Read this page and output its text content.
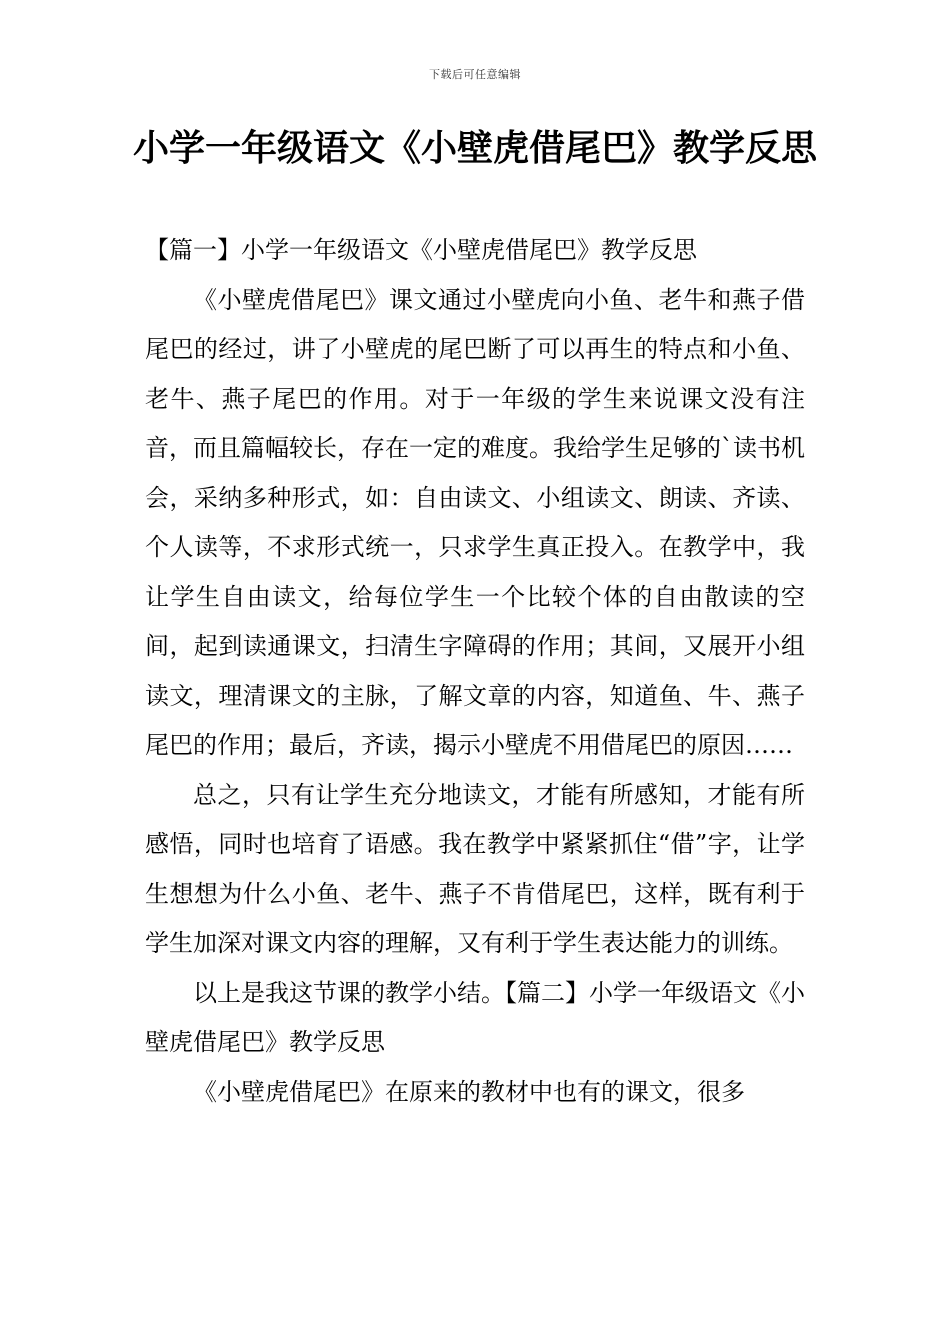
下载后可任意编辑
小学一年级语文《小壁虎借尾巴》教学反思

【篇一】小学一年级语文《小壁虎借尾巴》教学反思

《小壁虎借尾巴》课文通过小壁虎向小鱼、老牛和燕子借尾巴的经过，讲了小壁虎的尾巴断了可以再生的特点和小鱼、老牛、燕子尾巴的作用。对于一年级的学生来说课文没有注音，而且篇幅较长，存在一定的难度。我给学生足够的`读书机会，采纳多种形式，如：自由读文、小组读文、朗读、齐读、个人读等，不求形式统一，只求学生真正投入。在教学中，我让学生自由读文，给每位学生一个比较个体的自由散读的空间，起到读通课文，扫清生字障碍的作用；其间，又展开小组读文，理清课文的主脉，了解文章的内容，知道鱼、牛、燕子尾巴的作用；最后，齐读，揭示小壁虎不用借尾巴的原因……

总之，只有让学生充分地读文，才能有所感知，才能有所感悟，同时也培育了语感。我在教学中紧紧抓住“借”字，让学生想想为什么小鱼、老牛、燕子不肯借尾巴，这样，既有利于学生加深对课文内容的理解，又有利于学生表达能力的训练。

以上是我这节课的教学小结。【篇二】小学一年级语文《小壁虎借尾巴》教学反思

《小壁虎借尾巴》在原来的教材中也有的课文，很多
